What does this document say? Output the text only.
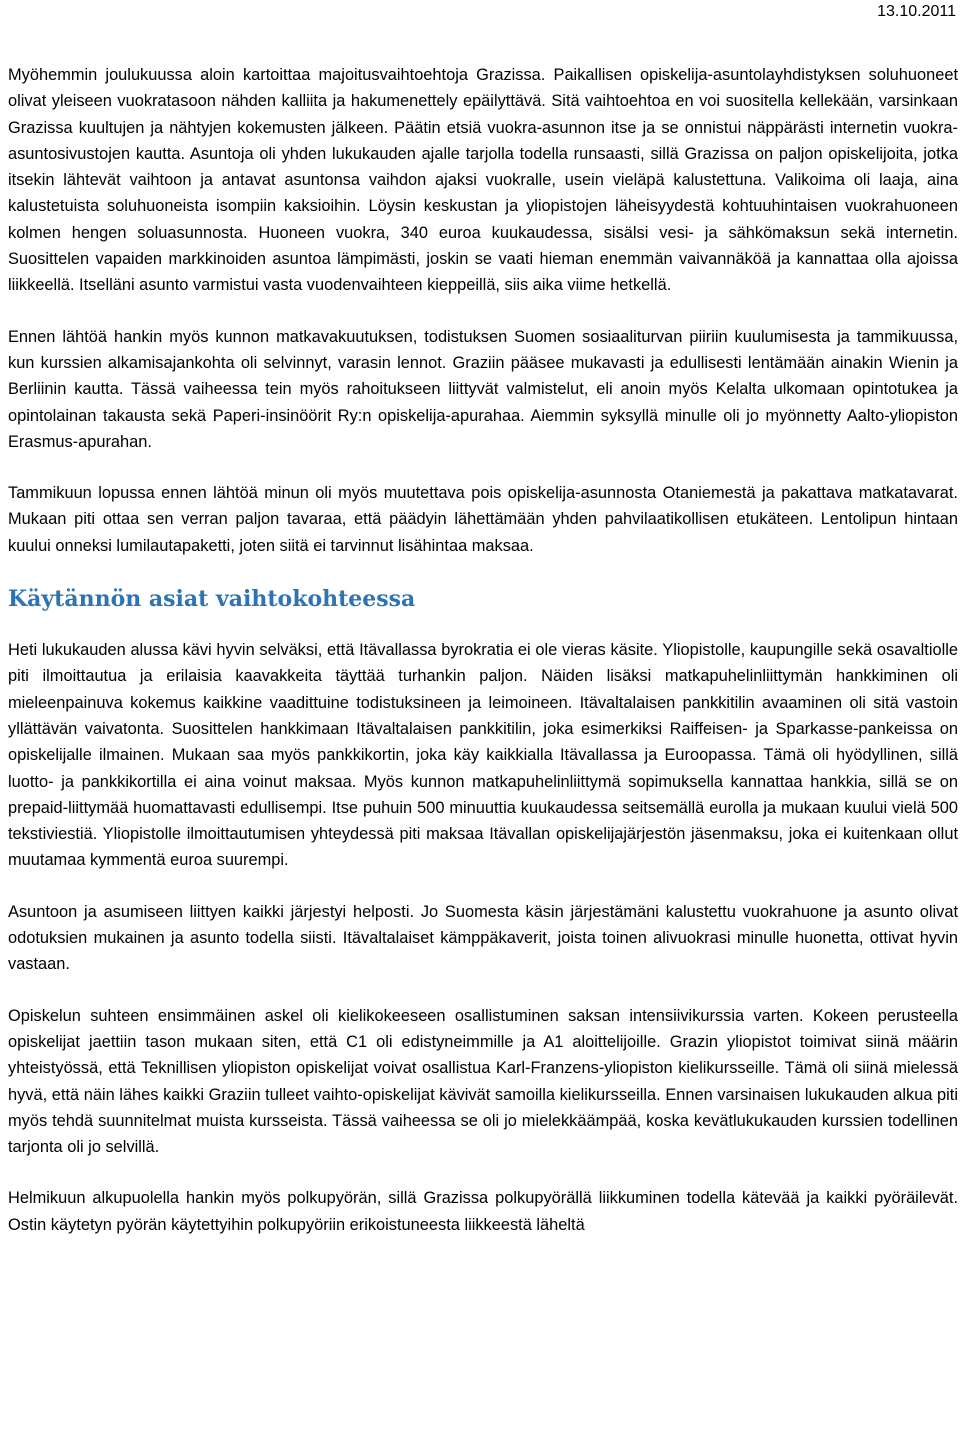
13.10.2011

Myöhemmin joulukuussa aloin kartoittaa majoitusvaihtoehtoja Grazissa. Paikallisen opiskelija-asuntolayhdistyksen soluhuoneet olivat yleiseen vuokratasoon nähden kalliita ja hakumenettely epäilyttävä. Sitä vaihtoehtoa en voi suositella kellekään, varsinkaan Grazissa kuultujen ja nähtyjen kokemusten jälkeen. Päätin etsiä vuokra-asunnon itse ja se onnistui näppärästi internetin vuokra-asuntosivustojen kautta. Asuntoja oli yhden lukukauden ajalle tarjolla todella runsaasti, sillä Grazissa on paljon opiskelijoita, jotka itsekin lähtevät vaihtoon ja antavat asuntonsa vaihdon ajaksi vuokralle, usein vieläpä kalustettuna. Valikoima oli laaja, aina kalustetuista soluhuoneista isompiin kaksioihin. Löysin keskustan ja yliopistojen läheisyydestä kohtuuhintaisen vuokrahuoneen kolmen hengen soluasunnosta. Huoneen vuokra, 340 euroa kuukaudessa, sisälsi vesi- ja sähkömaksun sekä internetin. Suosittelen vapaiden markkinoiden asuntoa lämpimästi, joskin se vaati hieman enemmän vaivannäköä ja kannattaa olla ajoissa liikkeellä. Itselläni asunto varmistui vasta vuodenvaihteen kieppeillä, siis aika viime hetkellä.

Ennen lähtöä hankin myös kunnon matkavakuutuksen, todistuksen Suomen sosiaaliturvan piiriin kuulumisesta ja tammikuussa, kun kurssien alkamisajankohta oli selvinnyt, varasin lennot. Graziin pääsee mukavasti ja edullisesti lentämään ainakin Wienin ja Berliinin kautta. Tässä vaiheessa tein myös rahoitukseen liittyvät valmistelut, eli anoin myös Kelalta ulkomaan opintotukea ja opintolainan takausta sekä Paperi-insinöörit Ry:n opiskelija-apurahaa. Aiemmin syksyllä minulle oli jo myönnetty Aalto-yliopiston Erasmus-apurahan.

Tammikuun lopussa ennen lähtöä minun oli myös muutettava pois opiskelija-asunnosta Otaniemestä ja pakattava matkatavarat. Mukaan piti ottaa sen verran paljon tavaraa, että päädyin lähettämään yhden pahvilaatikollisen etukäteen. Lentolipun hintaan kuului onneksi lumilautapaketti, joten siitä ei tarvinnut lisähintaa maksaa.

Käytännön asiat vaihtokohteessa

Heti lukukauden alussa kävi hyvin selväksi, että Itävallassa byrokratia ei ole vieras käsite. Yliopistolle, kaupungille sekä osavaltiolle piti ilmoittautua ja erilaisia kaavakkeita täyttää turhankin paljon. Näiden lisäksi matkapuhelinliittymän hankkiminen oli mieleenpainuva kokemus kaikkine vaadittuine todistuksineen ja leimoineen. Itävaltalaisen pankkitilin avaaminen oli sitä vastoin yllättävän vaivatonta. Suosittelen hankkimaan Itävaltalaisen pankkitilin, joka esimerkiksi Raiffeisen- ja Sparkasse-pankeissa on opiskelijalle ilmainen. Mukaan saa myös pankkikortin, joka käy kaikkialla Itävallassa ja Euroopassa. Tämä oli hyödyllinen, sillä luotto- ja pankkikortilla ei aina voinut maksaa. Myös kunnon matkapuhelinliittymä sopimuksella kannattaa hankkia, sillä se on prepaid-liittymää huomattavasti edullisempi. Itse puhuin 500 minuuttia kuukaudessa seitsemällä eurolla ja mukaan kuului vielä 500 tekstiviestiä. Yliopistolle ilmoittautumisen yhteydessä piti maksaa Itävallan opiskelijajärjestön jäsenmaksu, joka ei kuitenkaan ollut muutamaa kymmentä euroa suurempi.

Asuntoon ja asumiseen liittyen kaikki järjestyi helposti. Jo Suomesta käsin järjestämäni kalustettu vuokrahuone ja asunto olivat odotuksien mukainen ja asunto todella siisti. Itävaltalaiset kämppäkaverit, joista toinen alivuokrasi minulle huonetta, ottivat hyvin vastaan.

Opiskelun suhteen ensimmäinen askel oli kielikokeeseen osallistuminen saksan intensiivikurssia varten. Kokeen perusteella opiskelijat jaettiin tason mukaan siten, että C1 oli edistyneimmille ja A1 aloittelijoille. Grazin yliopistot toimivat siinä määrin yhteistyössä, että Teknillisen yliopiston opiskelijat voivat osallistua Karl-Franzens-yliopiston kielikursseille. Tämä oli siinä mielessä hyvä, että näin lähes kaikki Graziin tulleet vaihto-opiskelijat kävivät samoilla kielikursseilla. Ennen varsinaisen lukukauden alkua piti myös tehdä suunnitelmat muista kursseista. Tässä vaiheessa se oli jo mielekkäämpää, koska kevätlukukauden kurssien todellinen tarjonta oli jo selvillä.

Helmikuun alkupuolella hankin myös polkupyörän, sillä Grazissa polkupyörällä liikkuminen todella kätevää ja kaikki pyöräilevät. Ostin käytetyn pyörän käytettyihin polkupyöriin erikoistuneesta liikkeestä läheltä
